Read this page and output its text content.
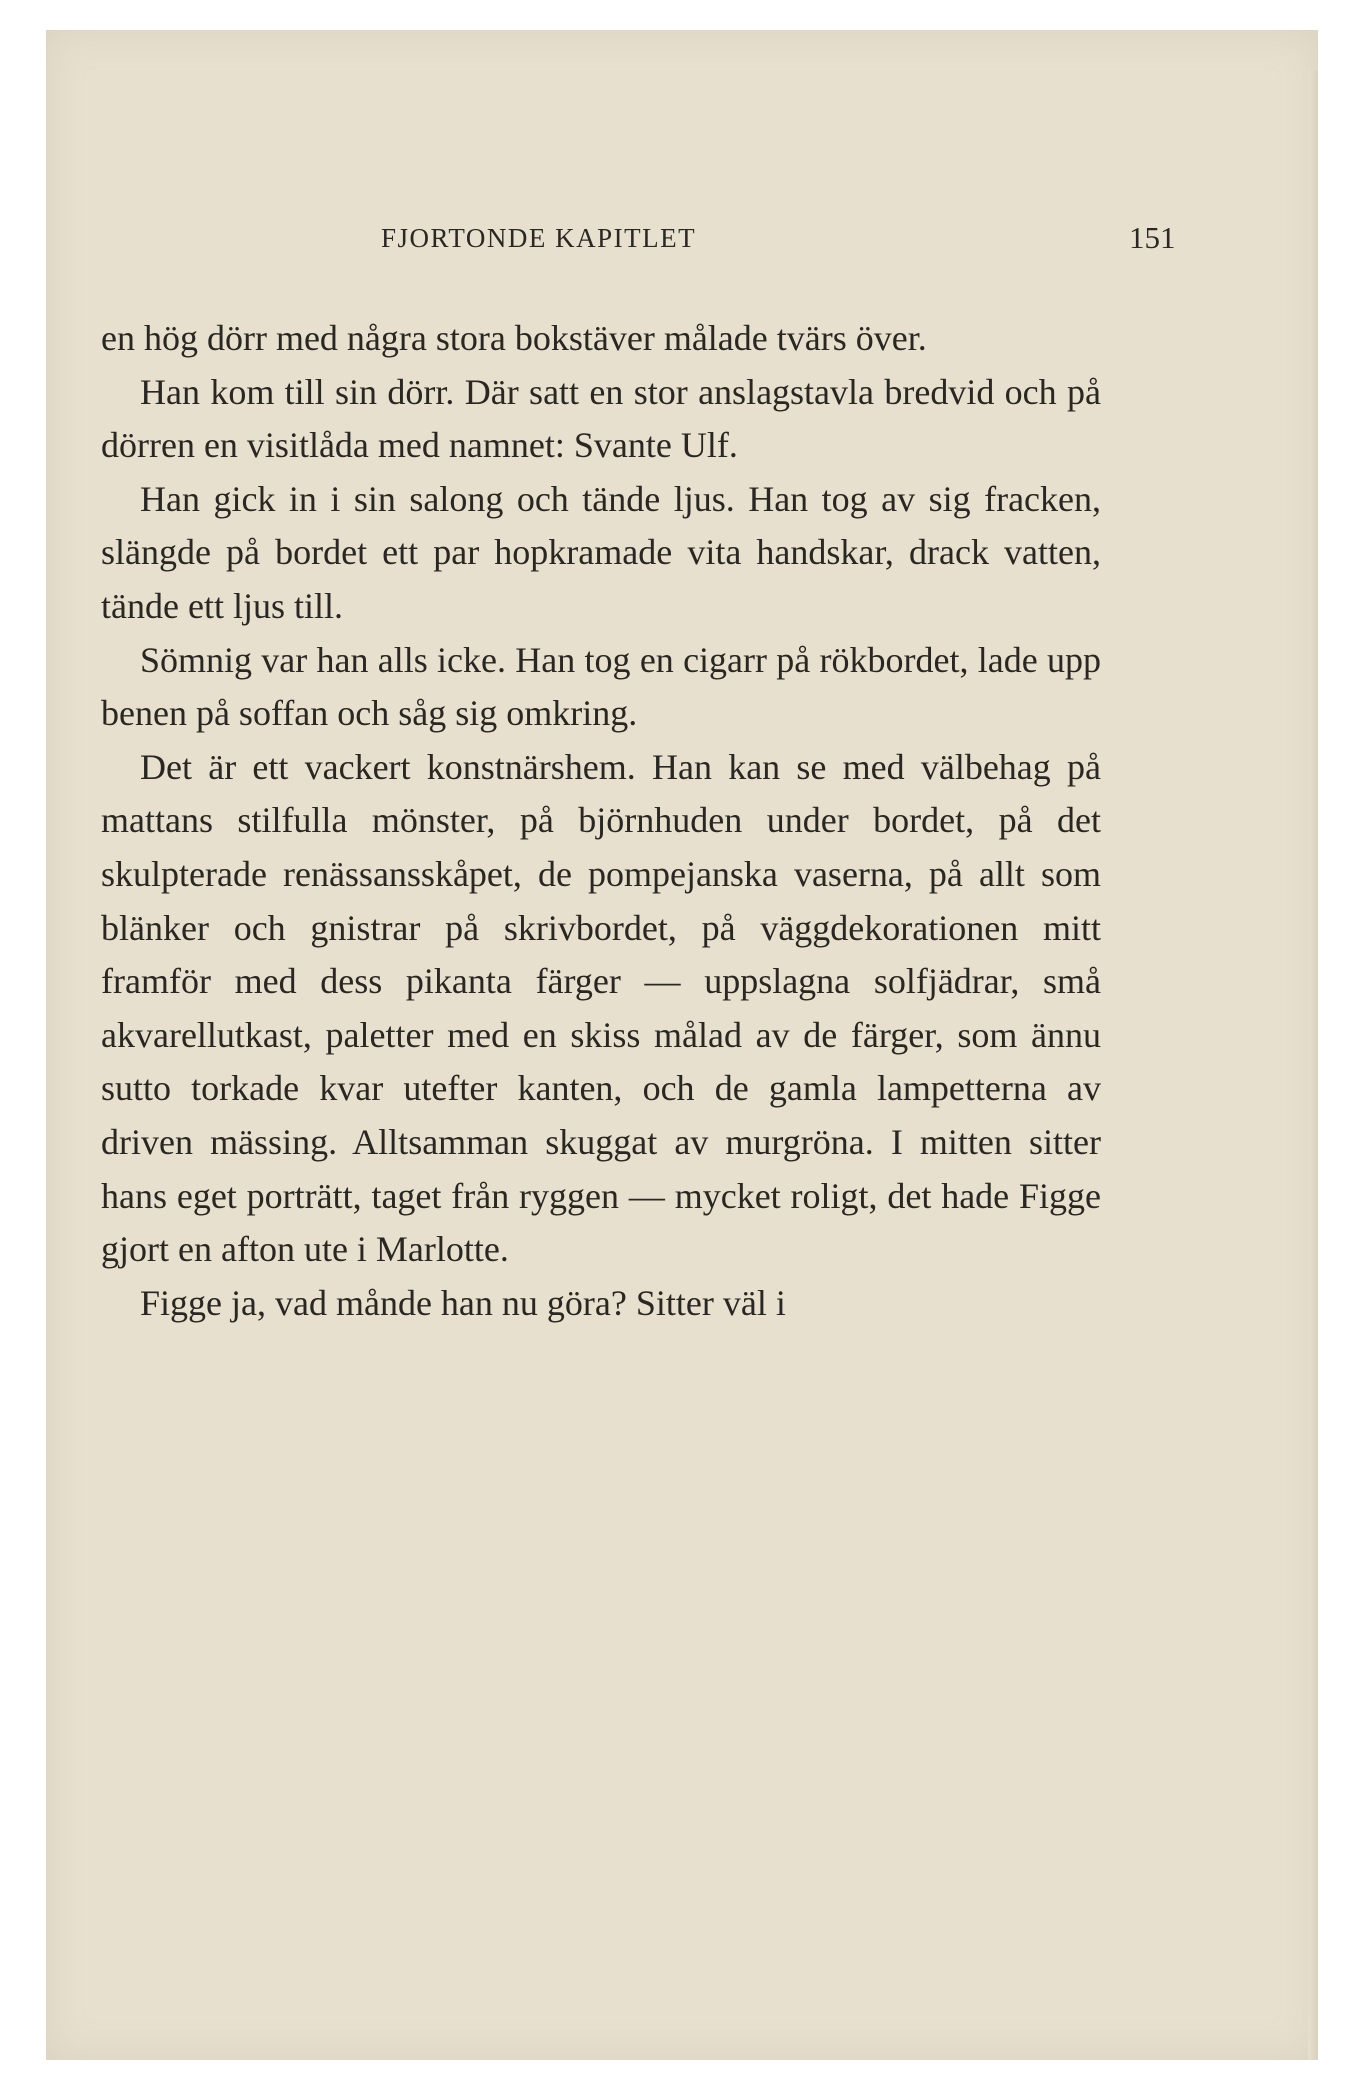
FJORTONDE KAPITLET	151

en hög dörr med några stora bokstäver målade tvärs över.

Han kom till sin dörr. Där satt en stor anslagstavla bredvid och på dörren en visitlåda med namnet: Svante Ulf.

Han gick in i sin salong och tände ljus. Han tog av sig fracken, slängde på bordet ett par hopkramade vita handskar, drack vatten, tände ett ljus till.

Sömnig var han alls icke. Han tog en cigarr på rökbordet, lade upp benen på soffan och såg sig omkring.

Det är ett vackert konstnärshem. Han kan se med välbehag på mattans stilfulla mönster, på björnhuden under bordet, på det skulpterade renässansskåpet, de pompejanska vaserna, på allt som blänker och gnistrar på skrivbordet, på väggdekorationen mitt framför med dess pikanta färger — uppslagna solfjädrar, små akvarellutkast, paletter med en skiss målad av de färger, som ännu sutto torkade kvar utefter kanten, och de gamla lampetterna av driven mässing. Alltsamman skuggat av murgröna. I mitten sitter hans eget porträtt, taget från ryggen — mycket roligt, det hade Figge gjort en afton ute i Marlotte.

Figge ja, vad månde han nu göra? Sitter väl i
